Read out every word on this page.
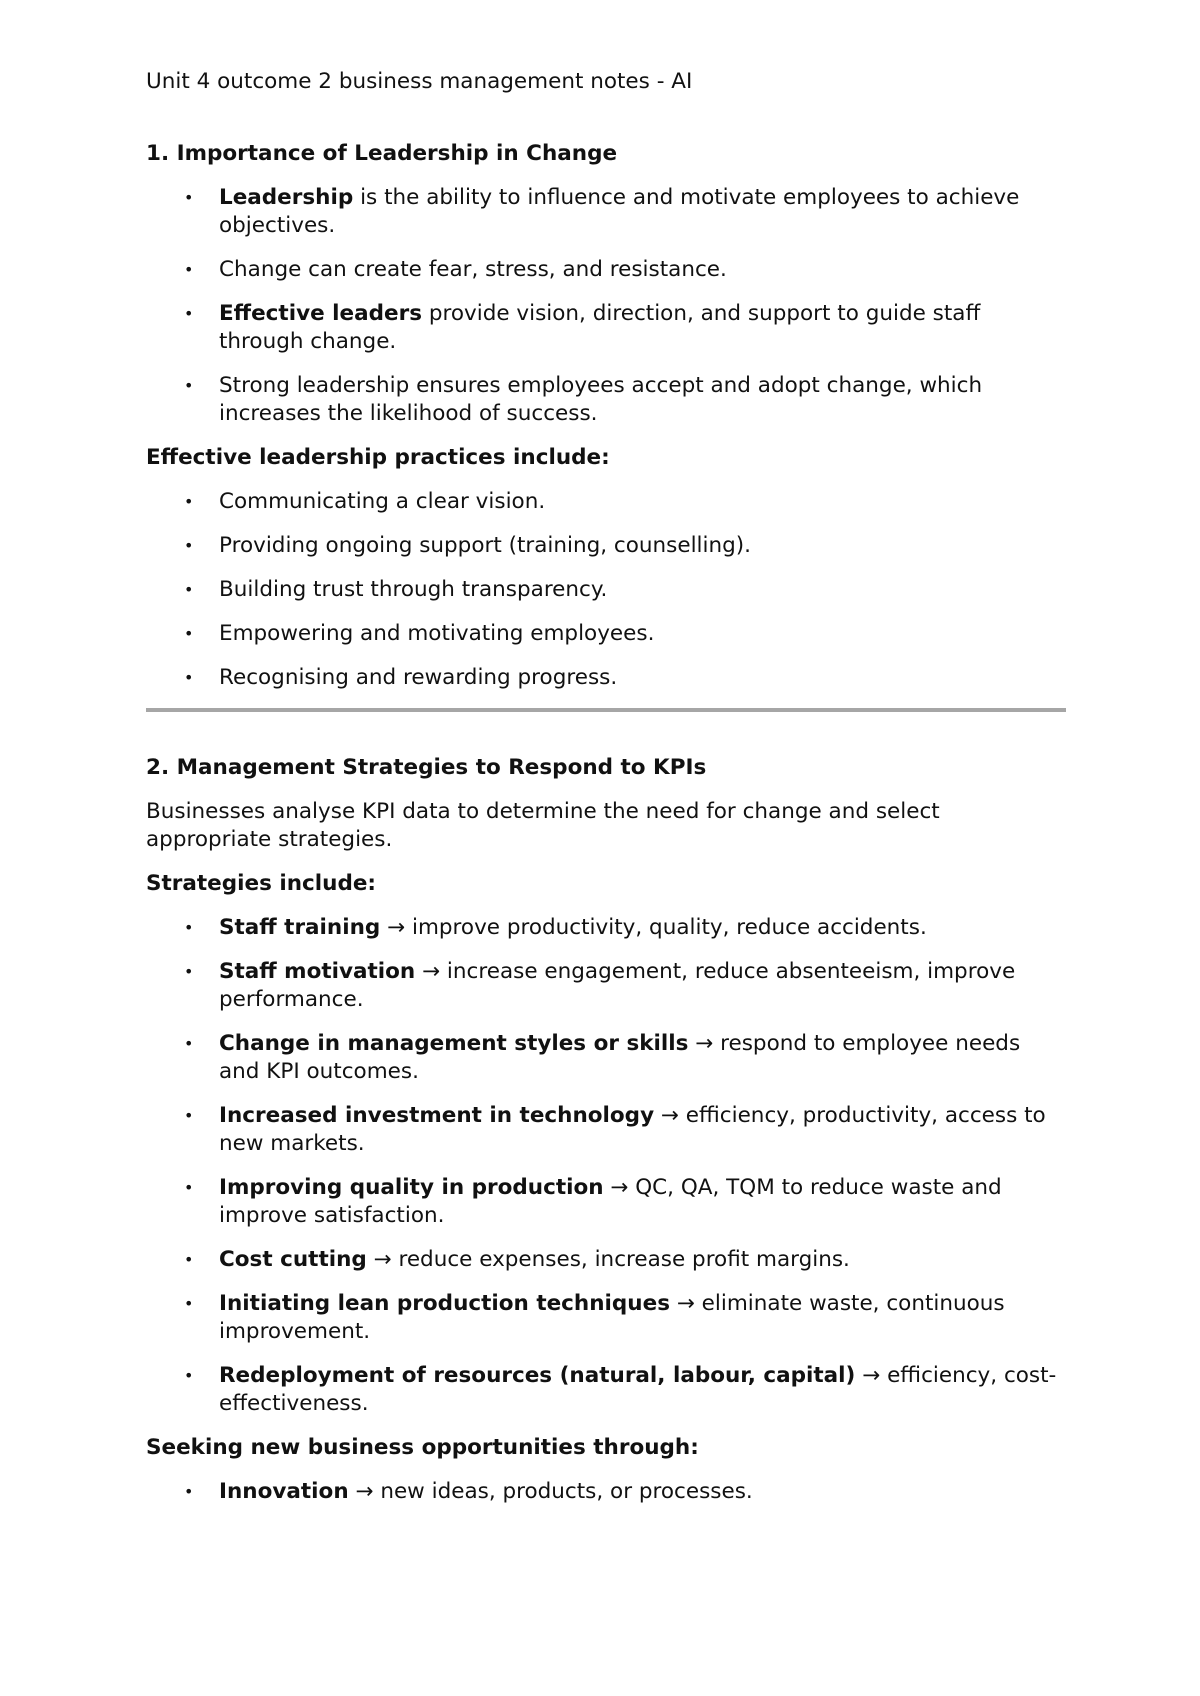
Unit 4 outcome 2 business management notes - AI
1. Importance of Leadership in Change
•	Leadership is the ability to influence and motivate employees to achieve objectives.
•	Change can create fear, stress, and resistance.
•	Effective leaders provide vision, direction, and support to guide staff through change.
•	Strong leadership ensures employees accept and adopt change, which increases the likelihood of success.
Effective leadership practices include:
•	Communicating a clear vision.
•	Providing ongoing support (training, counselling).
•	Building trust through transparency.
•	Empowering and motivating employees.
•	Recognising and rewarding progress.
2. Management Strategies to Respond to KPIs
Businesses analyse KPI data to determine the need for change and select appropriate strategies.
Strategies include:
•	Staff training → improve productivity, quality, reduce accidents.
•	Staff motivation → increase engagement, reduce absenteeism, improve performance.
•	Change in management styles or skills → respond to employee needs and KPI outcomes.
•	Increased investment in technology → efficiency, productivity, access to new markets.
•	Improving quality in production → QC, QA, TQM to reduce waste and improve satisfaction.
•	Cost cutting → reduce expenses, increase profit margins.
•	Initiating lean production techniques → eliminate waste, continuous improvement.
•	Redeployment of resources (natural, labour, capital) → efficiency, cost-effectiveness.
Seeking new business opportunities through:
•	Innovation → new ideas, products, or processes.
